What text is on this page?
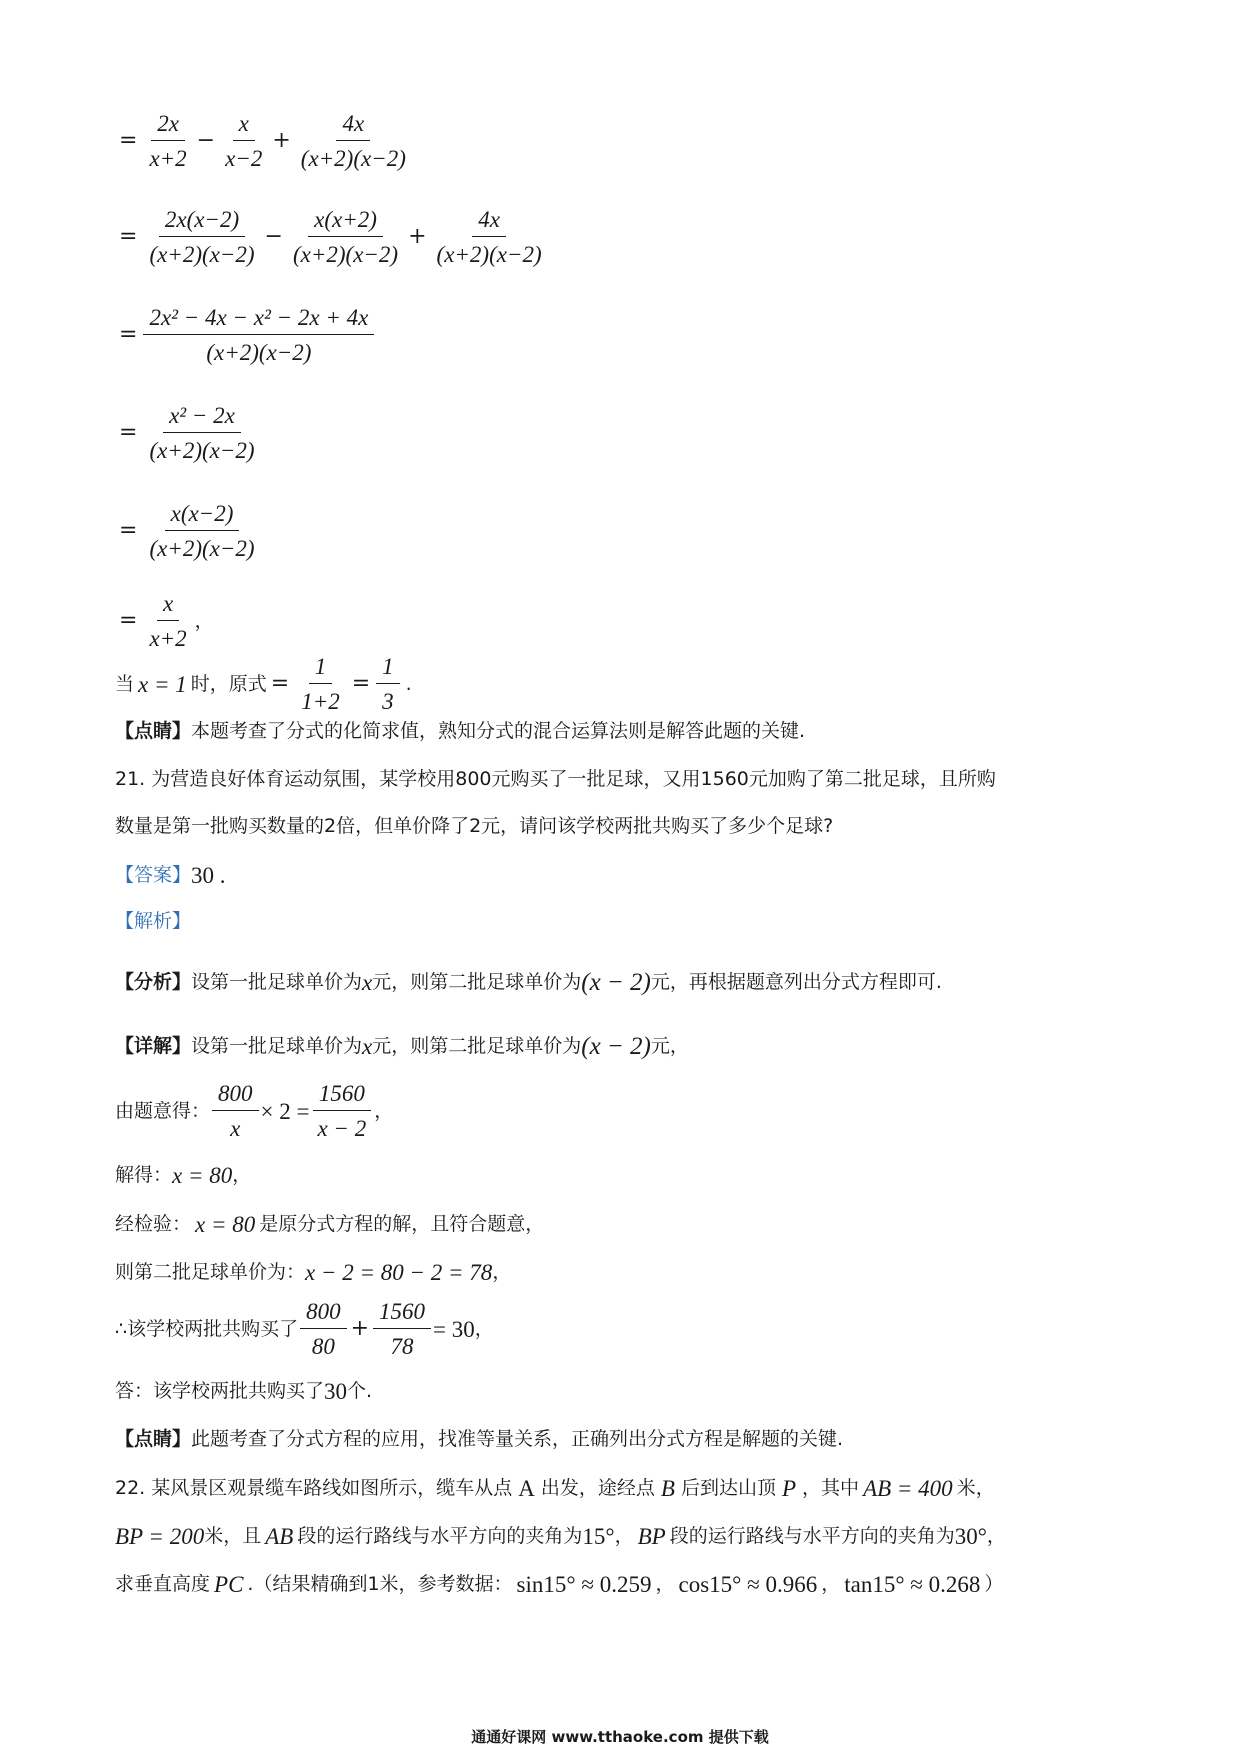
= $\frac{2x}{x+2} - \frac{x}{x-2} + \frac{4x}{(x+2)(x-2)}$
= $\frac{2x(x-2)}{(x+2)(x-2)} - \frac{x(x+2)}{(x+2)(x-2)} + \frac{4x}{(x+2)(x-2)}$
= $\frac{\text{2x² − 4x − x² − 2x + 4x}}{(x+2)(x-2)}$
= $\frac{\text{x² − 2x}}{(x+2)(x-2)}$
= $\frac{x(x-2)}{(x+2)(x-2)}$
= $\frac{x}{x+2}$ ，
当 x = 1 时，原式 = $\frac{1}{1+2} = \frac{1}{3}$ .
【点睛】 本题考查了分式的化简求值，熟知分式的混合运算法则是解答此题的关键.
21. 为营造良好体育运动氛围，某学校用800元购买了一批足球，又用1560元加购了第二批足球，且所购
数量是第一批购买数量的2倍，但单价降了2元，请问该学校两批共购买了多少个足球?
【答案】 30 .
【解析】
【分析】 设第一批足球单价为 x 元，则第二批足球单价为 (x − 2) 元，再根据题意列出分式方程即可.
【详解】 设第一批足球单价为 x 元，则第二批足球单价为 (x − 2) 元，
由题意得： $\frac{800}{x} \times 2 = \frac{1560}{x - 2}$ ，
解得： x = 80 ，
经检验： x = 80 是原分式方程的解，且符合题意，
则第二批足球单价为： x − 2 = 80 − 2 = 78 ，
∴该学校两批共购买了 $\frac{800}{80} + \frac{1560}{78} = 30$ ，
答：该学校两批共购买了 30 个.
【点睛】 此题考查了分式方程的应用，找准等量关系，正确列出分式方程是解题的关键.
22. 某风景区观景缆车路线如图所示，缆车从点 A 出发，途经点 B 后到达山顶 P ，其中 AB = 400 米，
BP = 200 米，且 AB 段的运行路线与水平方向的夹角为 15° ， BP 段的运行路线与水平方向的夹角为 30° ，
求垂直高度 PC .（结果精确到1米，参考数据： sin15° ≈ 0.259 ， cos15° ≈ 0.966 ， tan15° ≈ 0.268 ）
通通好课网 www.tthaoke.com 提供下载
